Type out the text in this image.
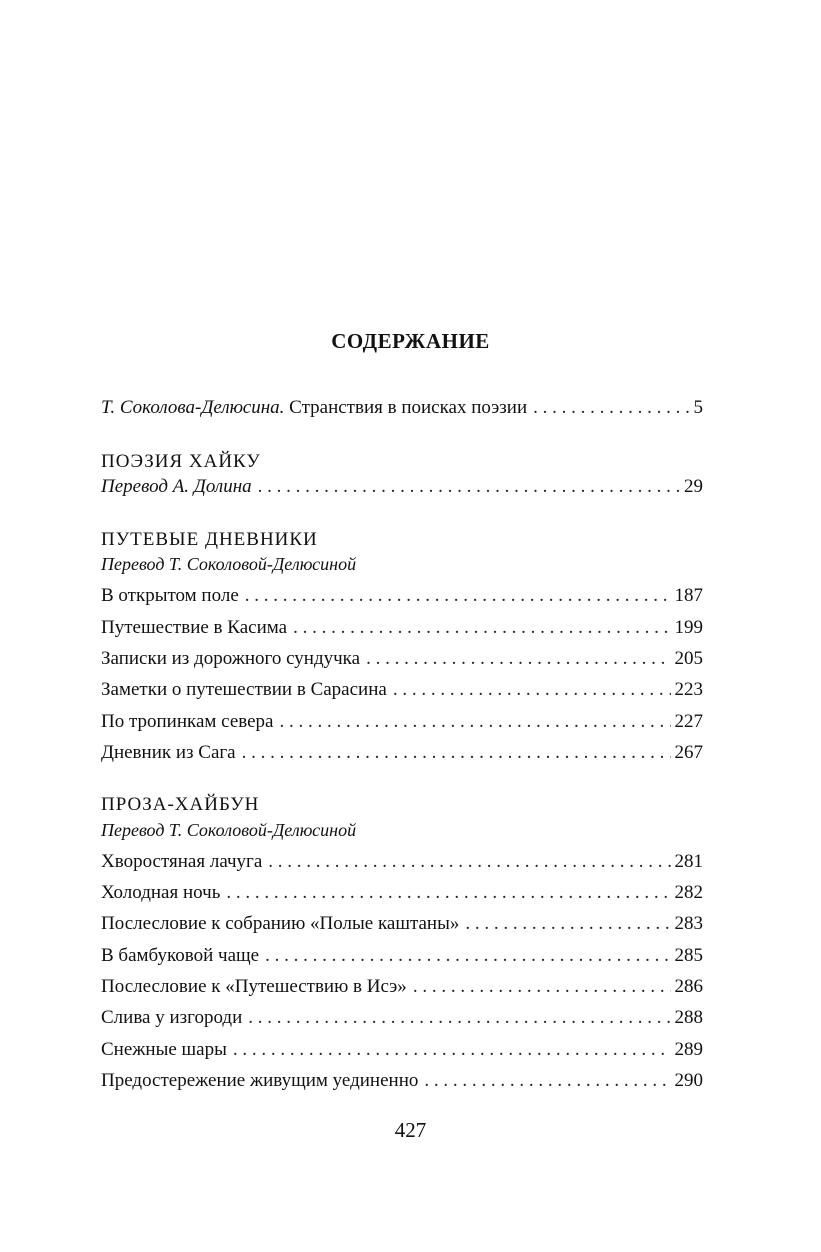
СОДЕРЖАНИЕ
Т. Соколова-Делюсина. Странствия в поисках поэзии . . .	5
ПОЭЗИЯ ХАЙКУ
Перевод А. Долина . . .	29
ПУТЕВЫЕ ДНЕВНИКИ
Перевод Т. Соколовой-Делюсиной
В открытом поле . . .	187
Путешествие в Касима . . .	199
Записки из дорожного сундучка . . .	205
Заметки о путешествии в Сарасина . . .	223
По тропинкам севера . . .	227
Дневник из Сага . . .	267
ПРОЗА-ХАЙБУН
Перевод Т. Соколовой-Делюсиной
Хворостяная лачуга . . .	281
Холодная ночь . . .	282
Послесловие к собранию «Полые каштаны» . . .	283
В бамбуковой чаще . . .	285
Послесловие к «Путешествию в Исэ» . . .	286
Слива у изгороди . . .	288
Снежные шары . . .	289
Предостережение живущим уединенно . . .	290
427
